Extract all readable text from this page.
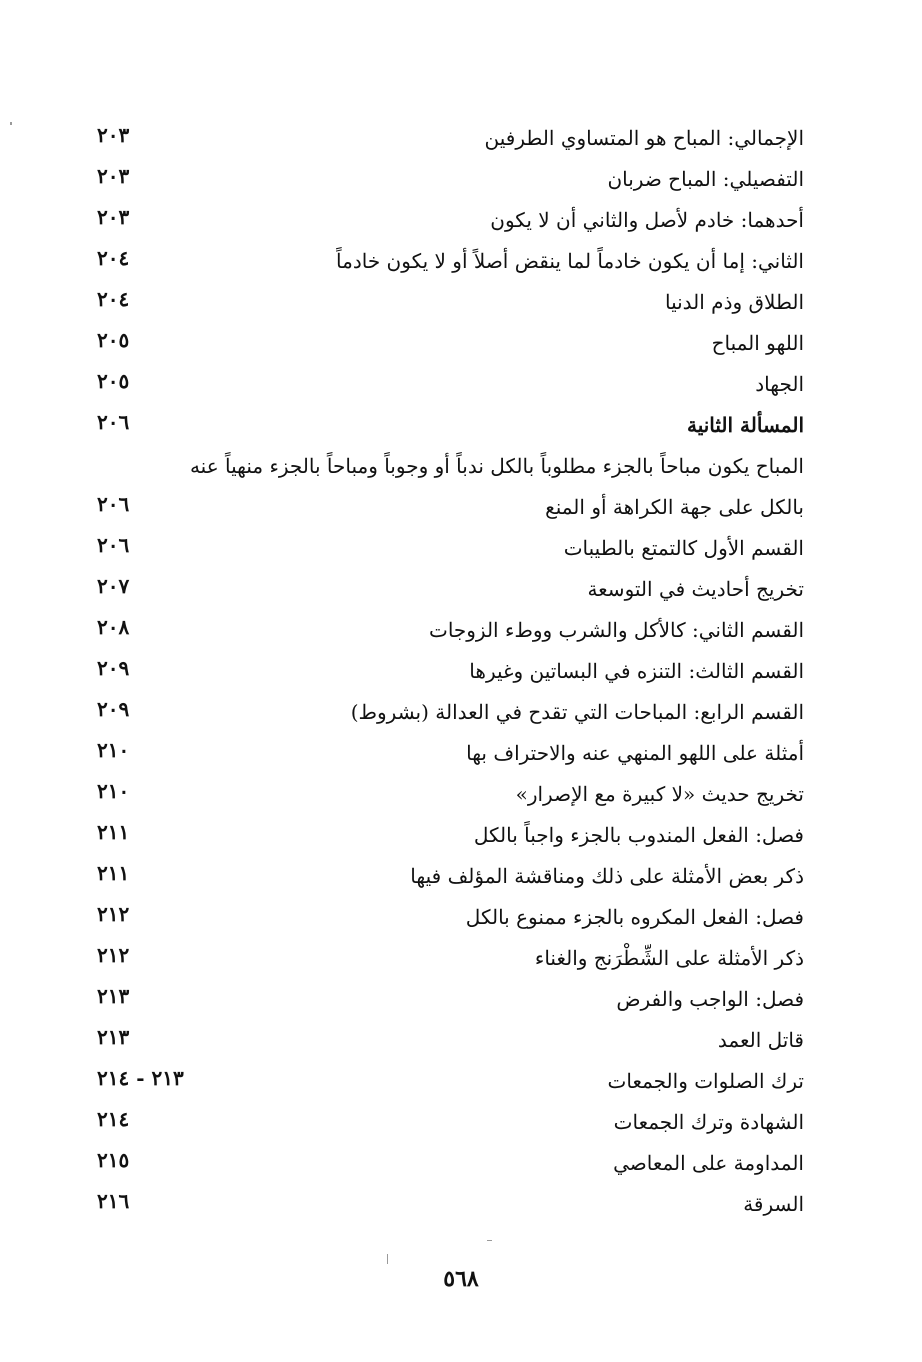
الإجمالي: المباح هو المتساوي الطرفين
٢٠٣
التفصيلي: المباح ضربان
٢٠٣
أحدهما: خادم لأصل والثاني أن لا يكون
٢٠٣
الثاني: إما أن يكون خادماً لما ينقض أصلاً أو لا يكون خادماً
٢٠٤
الطلاق وذم الدنيا
٢٠٤
اللهو المباح
٢٠٥
الجهاد
٢٠٥
المسألة الثانية
٢٠٦
المباح يكون مباحاً بالجزء مطلوباً بالكل ندباً أو وجوباً ومباحاً بالجزء منهياً عنه
بالكل على جهة الكراهة أو المنع
٢٠٦
القسم الأول كالتمتع بالطيبات
٢٠٦
تخريج أحاديث في التوسعة
٢٠٧
القسم الثاني: كالأكل والشرب ووطء الزوجات
٢٠٨
القسم الثالث: التنزه في البساتين وغيرها
٢٠٩
القسم الرابع: المباحات التي تقدح في العدالة (بشروط)
٢٠٩
أمثلة على اللهو المنهي عنه والاحتراف بها
٢١٠
تخريج حديث «لا كبيرة مع الإصرار»
٢١٠
فصل: الفعل المندوب بالجزء واجباً بالكل
٢١١
ذكر بعض الأمثلة على ذلك ومناقشة المؤلف فيها
٢١١
فصل: الفعل المكروه بالجزء ممنوع بالكل
٢١٢
ذكر الأمثلة على الشِّطْرَنج والغناء
٢١٢
فصل: الواجب والفرض
٢١٣
قاتل العمد
٢١٣
ترك الصلوات والجمعات
٢١٣ - ٢١٤
الشهادة وترك الجمعات
٢١٤
المداومة على المعاصي
٢١٥
السرقة
٢١٦
٥٦٨
